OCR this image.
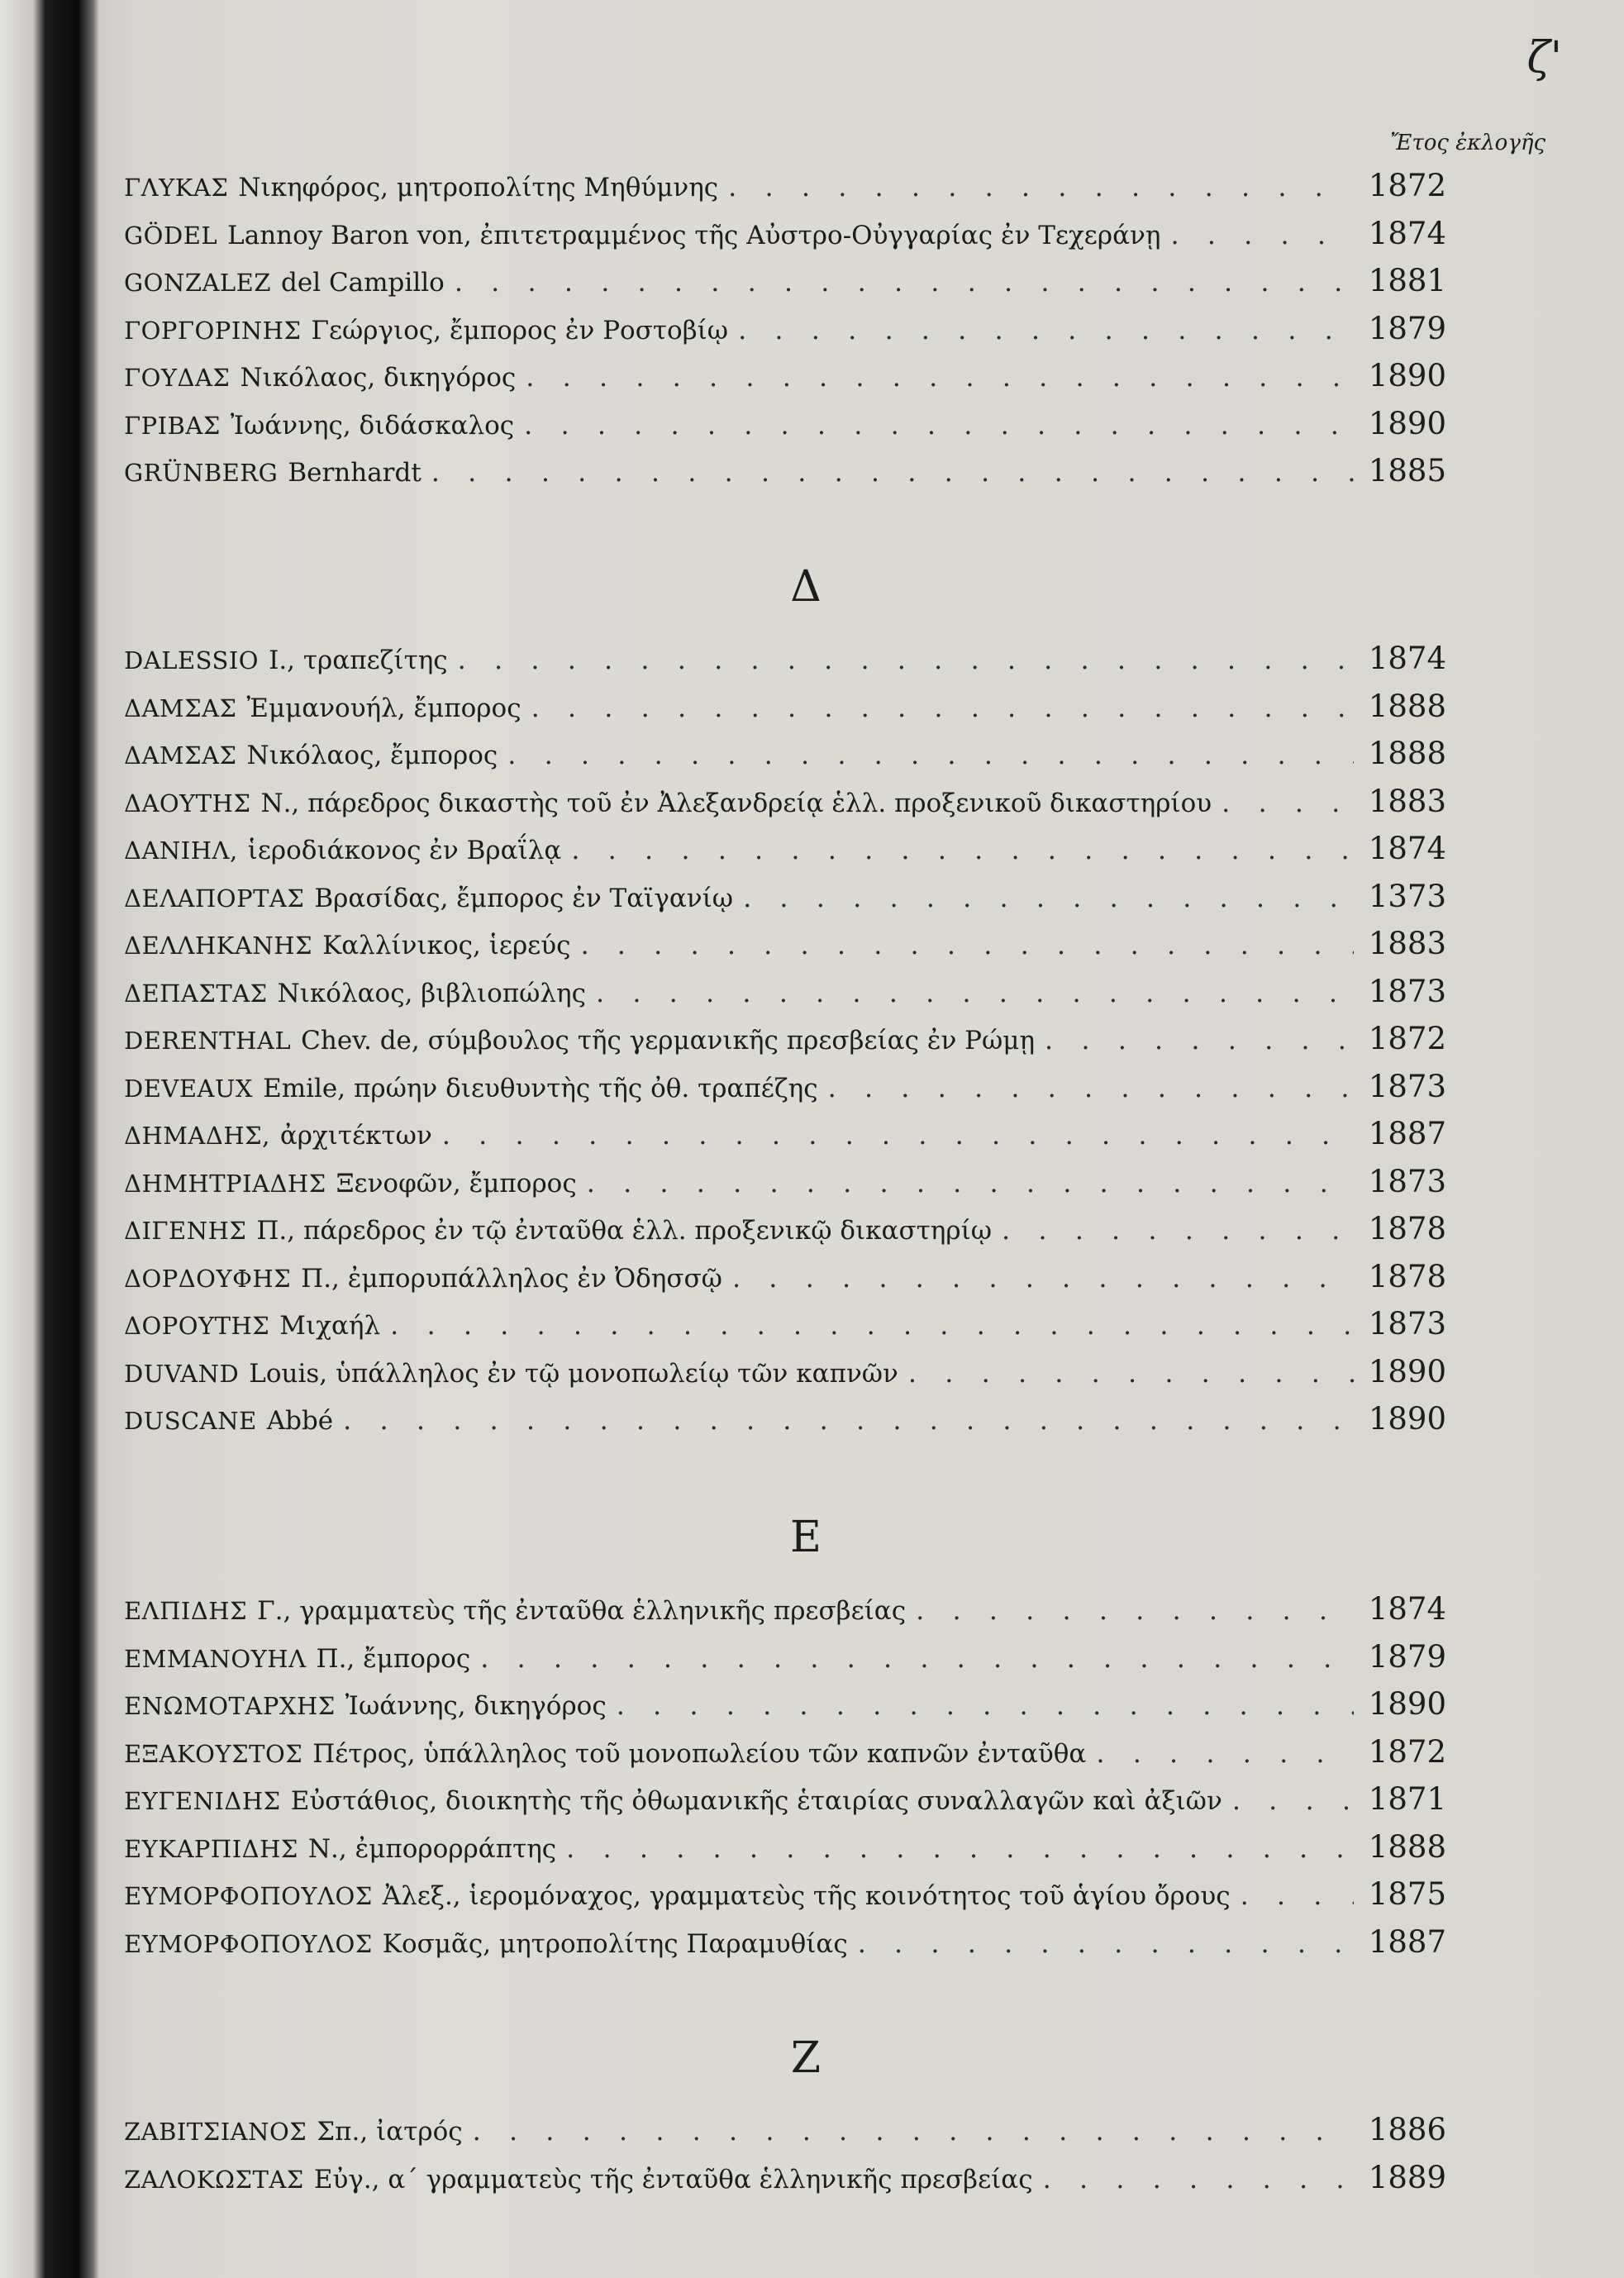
ζ'
Ἔτος ἐκλογῆς
ΓΛΥΚΑΣ Νικηφόρος, μητροπολίτης Μηθύμνης . . .	1872
GÖDEL Lannoy Baron von, ἐπιτετραμμένος τῆς Αὐστρο-Οὐγγαρίας ἐν Τεχεράνῃ . . .	1874
GONZALEZ del Campillo . . .	1881
ΓΟΡΓΟΡΙΝΗΣ Γεώργιος, ἔμπορος ἐν Ροστοβίῳ . . .	1879
ΓΟΥΔΑΣ Νικόλαος, δικηγόρος . . .	1890
ΓΡΙΒΑΣ Ἰωάννης, διδάσκαλος . . .	1890
GRÜNBERG Bernhardt . . .	1885
Δ
DALESSIO I., τραπεζίτης . . .	1874
ΔΑΜΣΑΣ Ἐμμανουήλ, ἔμπορος . . .	1888
ΔΑΜΣΑΣ Νικόλαος, ἔμπορος . . .	1888
ΔΑΟΥΤΗΣ Ν., πάρεδρος δικαστὴς τοῦ ἐν Ἀλεξανδρείᾳ ἑλλ. προξενικοῦ δικαστηρίου . . .	1883
ΔΑΝΙΗΛ, ἱεροδιάκονος ἐν Βραΐλᾳ . . .	1874
ΔΕΛΑΠΟΡΤΑΣ Βρασίδας, ἔμπορος ἐν Ταϊγανίῳ . . .	1373
ΔΕΛΛΗΚΑΝΗΣ Καλλίνικος, ἱερεύς . . .	1883
ΔΕΠΑΣΤΑΣ Νικόλαος, βιβλιοπώλης . . .	1873
DERENTHAL Chev. de, σύμβουλος τῆς γερμανικῆς πρεσβείας ἐν Ρώμῃ . . .	1872
DEVEAUX Emile, πρώην διευθυντὴς τῆς ὀθ. τραπέζης . . .	1873
ΔΗΜΑΔΗΣ, ἀρχιτέκτων . . .	1887
ΔΗΜΗΤΡΙΑΔΗΣ Ξενοφῶν, ἔμπορος . . .	1873
ΔΙΓΕΝΗΣ Π., πάρεδρος ἐν τῷ ἐνταῦθα ἑλλ. προξενικῷ δικαστηρίῳ . . .	1878
ΔΟΡΔΟΥΦΗΣ Π., ἐμπορυπάλληλος ἐν Ὀδησσῷ . . .	1878
ΔΟΡΟΥΤΗΣ Μιχαήλ . . .	1873
DUVAND Louis, ὑπάλληλος ἐν τῷ μονοπωλείῳ τῶν καπνῶν . . .	1890
DUSCANE Abbé . . .	1890
Ε
ΕΛΠΙΔΗΣ Γ., γραμματεὺς τῆς ἐνταῦθα ἑλληνικῆς πρεσβείας . . .	1874
ΕΜΜΑΝΟΥΗΛ Π., ἔμπορος . . .	1879
ΕΝΩΜΟΤΑΡΧΗΣ Ἰωάννης, δικηγόρος . . .	1890
ΕΞΑΚΟΥΣΤΟΣ Πέτρος, ὑπάλληλος τοῦ μονοπωλείου τῶν καπνῶν ἐνταῦθα . . .	1872
ΕΥΓΕΝΙΔΗΣ Εὐστάθιος, διοικητὴς τῆς ὀθωμανικῆς ἑταιρίας συναλλαγῶν καὶ ἀξιῶν . . .	1871
ΕΥΚΑΡΠΙΔΗΣ Ν., ἐμπορορράπτης . . .	1888
ΕΥΜΟΡΦΟΠΟΥΛΟΣ Ἀλεξ., ἱερομόναχος, γραμματεὺς τῆς κοινότητος τοῦ ἁγίου ὄρους . . .	1875
ΕΥΜΟΡΦΟΠΟΥΛΟΣ Κοσμᾶς, μητροπολίτης Παραμυθίας . . .	1887
Ζ
ΖΑΒΙΤΣΙΑΝΟΣ Σπ., ἰατρός . . .	1886
ΖΑΛΟΚΩΣΤΑΣ Εὐγ., α΄ γραμματεὺς τῆς ἐνταῦθα ἑλληνικῆς πρεσβείας . . .	1889
